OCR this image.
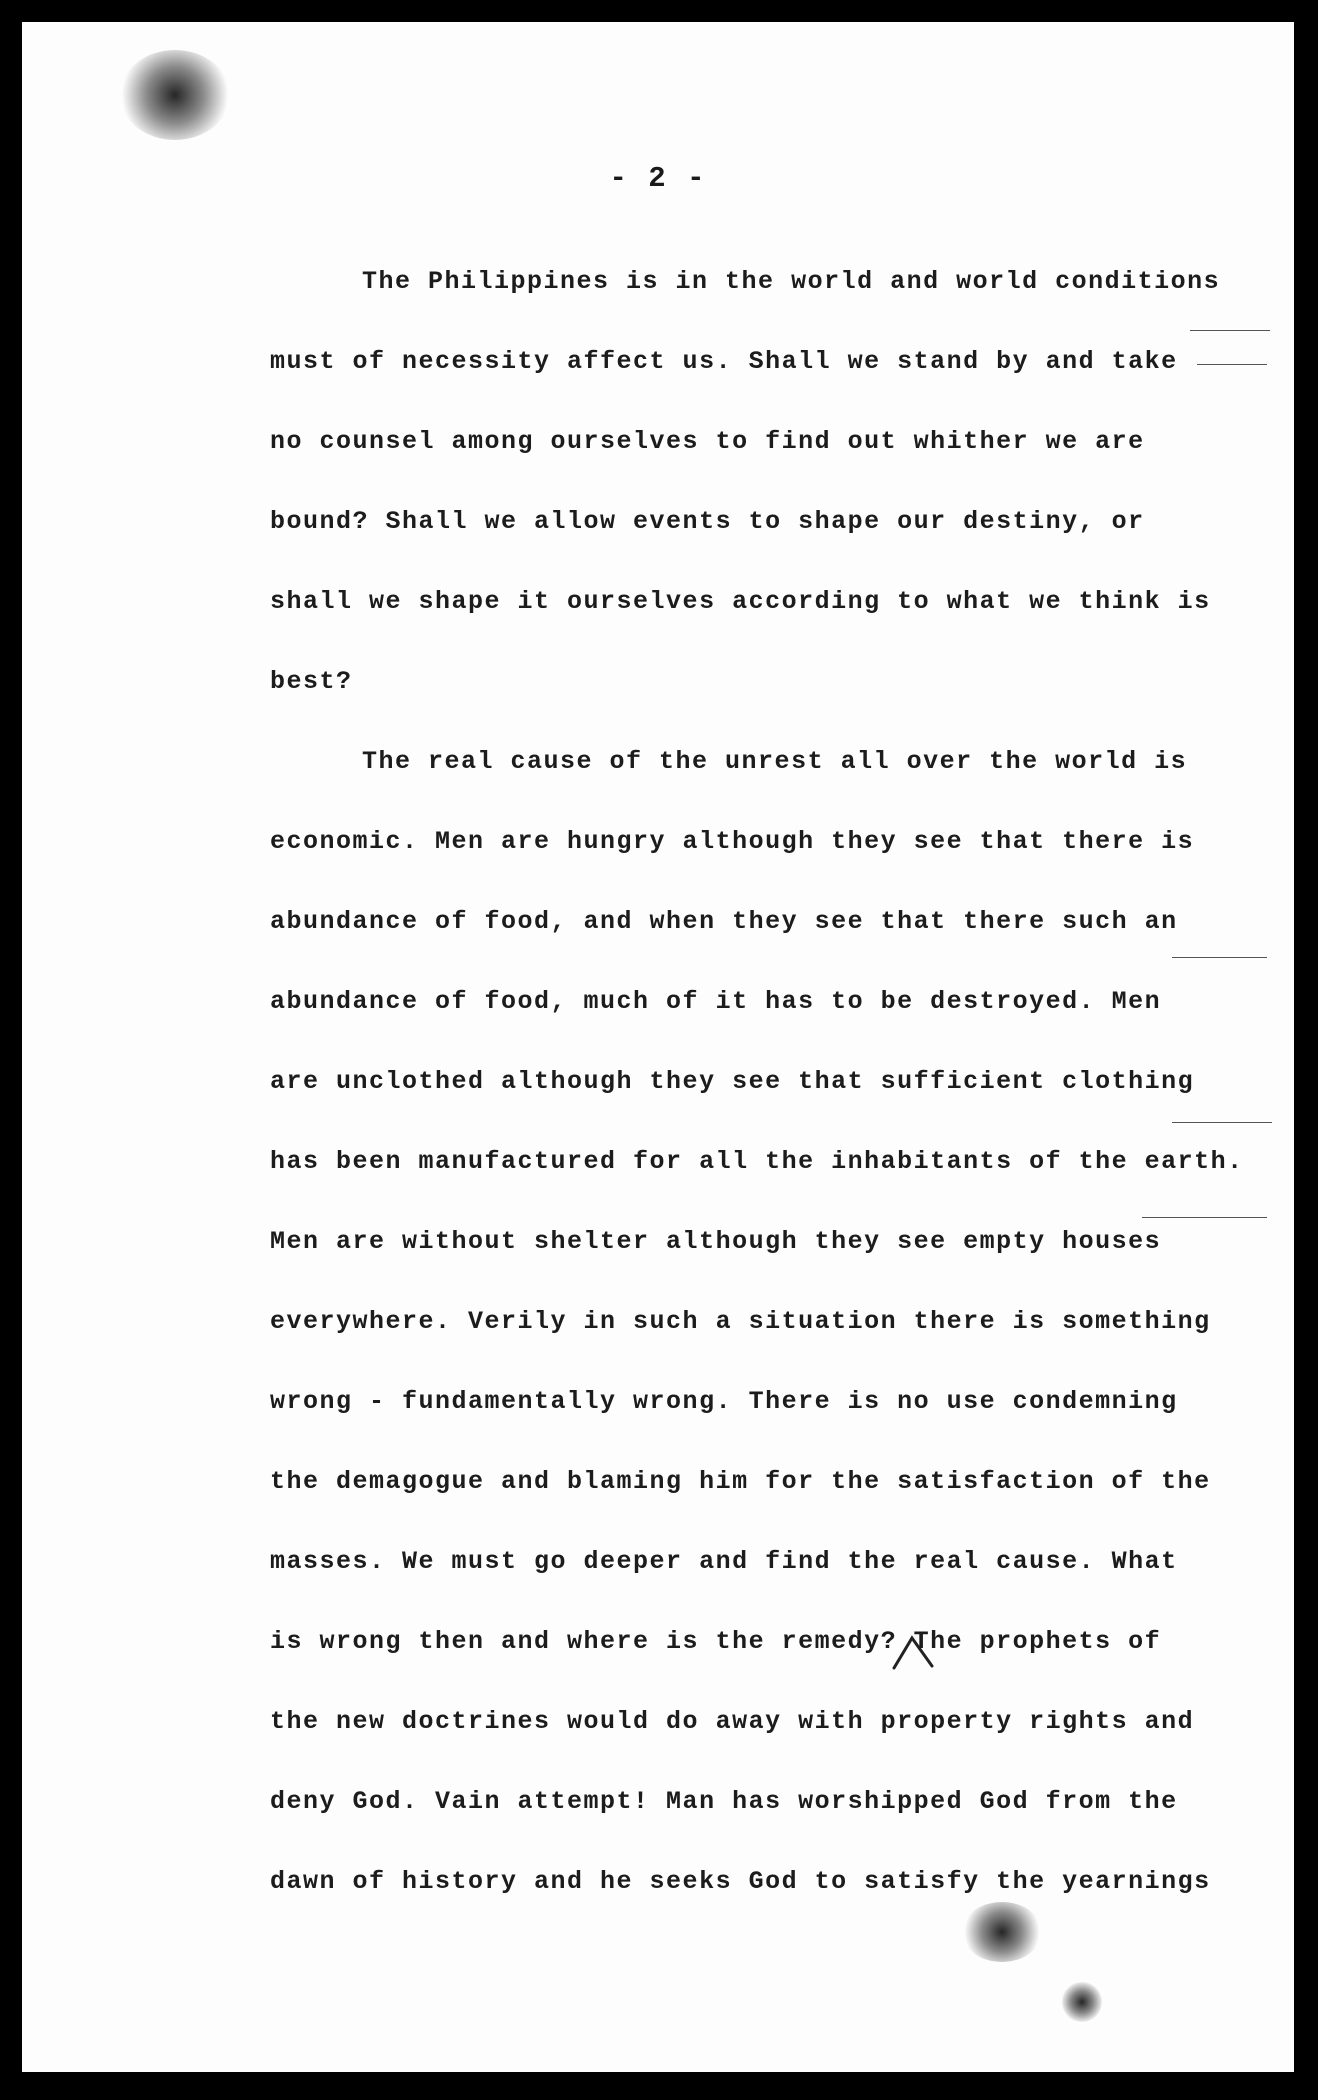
- 2 -
The Philippines is in the world and world conditions
must of necessity affect us. Shall we stand by and take
no counsel among ourselves to find out whither we are
bound? Shall we allow events to shape our destiny, or
shall we shape it ourselves according to what we think is
best?
The real cause of the unrest all over the world is
economic. Men are hungry although they see that there is
abundance of food, and when they see that there such an
abundance of food, much of it has to be destroyed. Men
are unclothed although they see that sufficient clothing
has been manufactured for all the inhabitants of the earth.
Men are without shelter although they see empty houses
everywhere. Verily in such a situation there is something
wrong - fundamentally wrong. There is no use condemning
the demagogue and blaming him for the satisfaction of the
masses. We must go deeper and find the real cause. What
is wrong then and where is the remedy? The prophets of
the new doctrines would do away with property rights and
deny God. Vain attempt! Man has worshipped God from the
dawn of history and he seeks God to satisfy the yearnings
